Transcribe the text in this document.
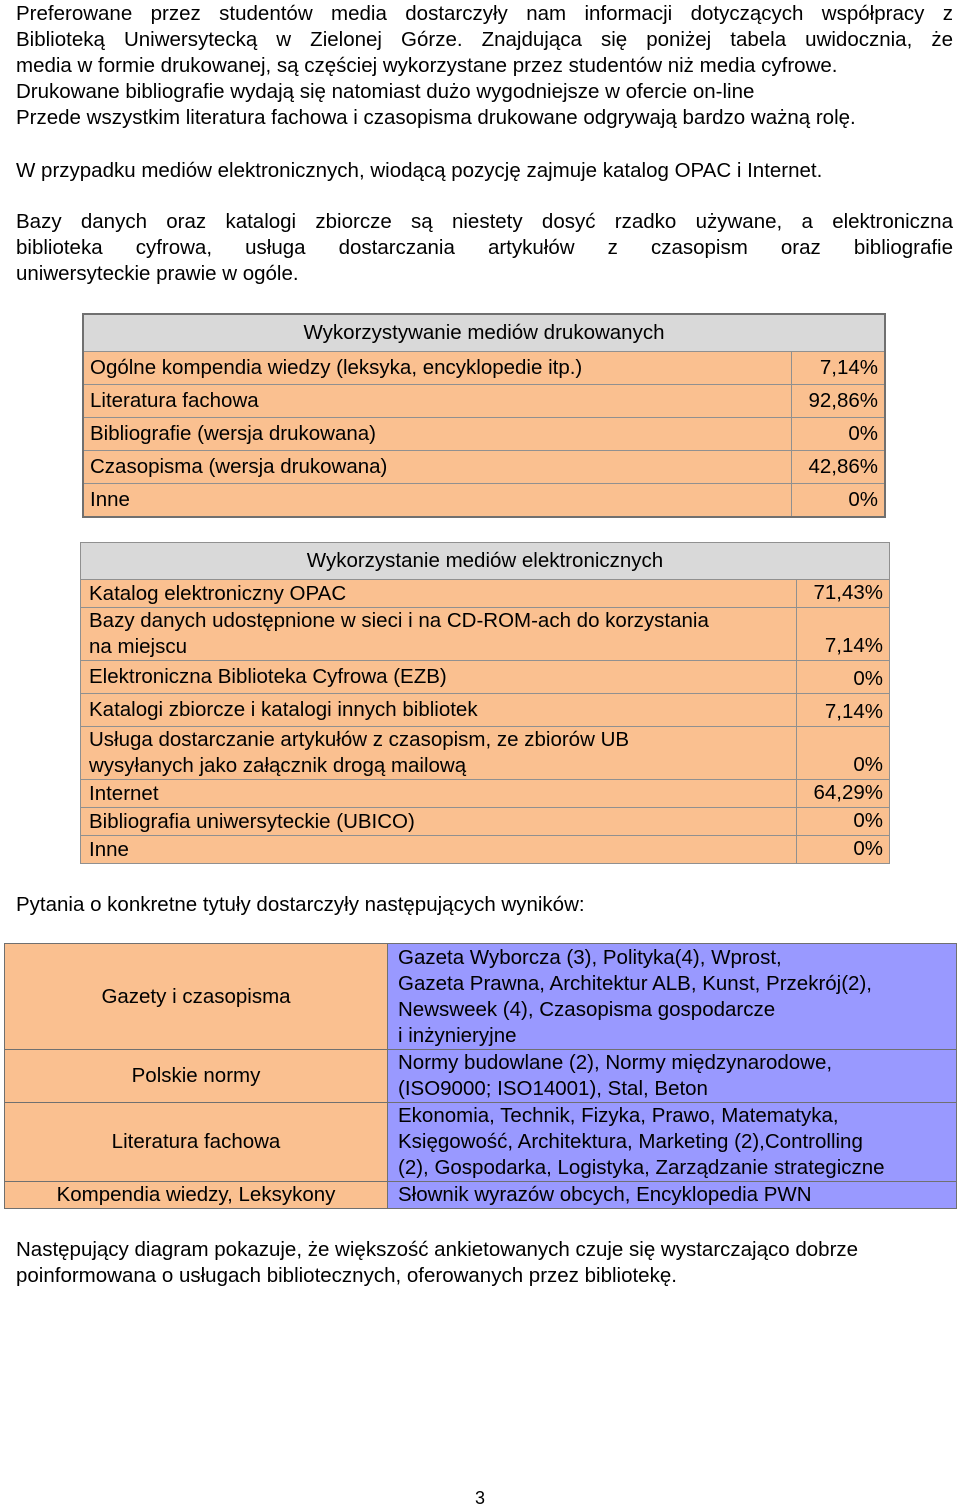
Preferowane przez studentów media dostarczyły nam informacji dotyczących współpracy z
Biblioteką Uniwersytecką w Zielonej Górze. Znajdująca się poniżej tabela uwidocznia, że
media w formie drukowanej, są częściej wykorzystane przez studentów niż media cyfrowe.
Drukowane bibliografie wydają się natomiast dużo wygodniejsze w ofercie on-line
Przede wszystkim literatura fachowa i czasopisma drukowane odgrywają bardzo ważną rolę.
W przypadku mediów elektronicznych, wiodącą pozycję zajmuje katalog OPAC i Internet.
Bazy danych oraz katalogi zbiorcze są niestety dosyć rzadko używane, a elektroniczna
biblioteka cyfrowa, usługa dostarczania artykułów z czasopism oraz bibliografie
uniwersyteckie prawie w ogóle.
Wykorzystywanie mediów drukowanych	
Ogólne kompendia wiedzy (leksyka, encyklopedie itp.)	7,14%
Literatura fachowa	92,86%
Bibliografie (wersja drukowana)	0%
Czasopisma (wersja drukowana)	42,86%
Inne	0%
Wykorzystanie mediów elektronicznych	
Katalog elektroniczny OPAC	71,43%

Bazy danych udostępnione w sieci i na CD-ROM-ach do korzystania
na miejscu	7,14%
Elektroniczna Biblioteka Cyfrowa (EZB)	0%
Katalogi zbiorcze i katalogi innych bibliotek	7,14%

Usługa dostarczanie artykułów z czasopism, ze zbiorów UB
wysyłanych jako załącznik drogą mailową	0%
Internet	64,29%
Bibliografia uniwersyteckie (UBICO)	0%
Inne	0%
Pytania o konkretne tytuły dostarczyły następujących wyników:
Gazety i czasopisma	Gazeta Wyborcza (3), Polityka(4), Wprost,
Gazeta Prawna, Architektur ALB, Kunst, Przekrój(2),
Newsweek (4), Czasopisma gospodarcze
i inżynieryjne

Polskie normy	Normy budowlane (2), Normy międzynarodowe,
(ISO9000; ISO14001), Stal, Beton

Literatura fachowa	Ekonomia, Technik, Fizyka, Prawo, Matematyka,
Księgowość, Architektura, Marketing (2),Controlling
(2), Gospodarka, Logistyka, Zarządzanie strategiczne

Kompendia wiedzy, Leksykony	Słownik wyrazów obcych, Encyklopedia PWN
Następujący diagram pokazuje, że większość ankietowanych czuje się wystarczająco dobrze
poinformowana o usługach bibliotecznych, oferowanych przez bibliotekę.
3
